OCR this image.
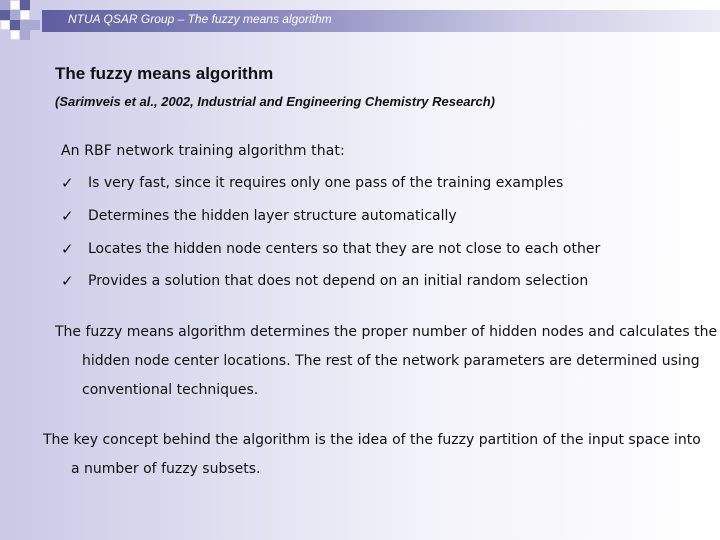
NTUA QSAR Group – The fuzzy means algorithm
The fuzzy means algorithm
(Sarimveis et al., 2002, Industrial and Engineering Chemistry Research)
An RBF network training algorithm that:
✓ Is very fast, since it requires only one pass of the training examples
✓ Determines the hidden layer structure automatically
✓ Locates the hidden node centers so that they are not close to each other
✓ Provides a solution that does not depend on an initial random selection
The fuzzy means algorithm determines the proper number of hidden nodes and calculates the
hidden node center locations. The rest of the network parameters are determined using
conventional techniques.
The key concept behind the algorithm is the idea of the fuzzy partition of the input space into
a number of fuzzy subsets.
